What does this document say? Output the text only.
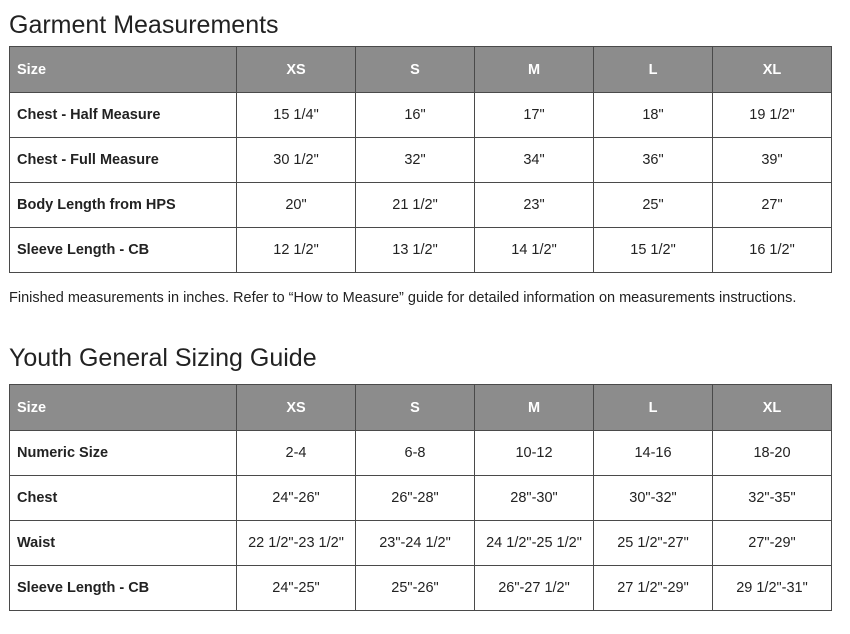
Garment Measurements
Size	XS	S	M	L	XL
Chest - Half Measure	15 1/4"	16"	17"	18"	19 1/2"
Chest - Full Measure	30 1/2"	32"	34"	36"	39"
Body Length from HPS	20"	21 1/2"	23"	25"	27"
Sleeve Length - CB	12 1/2"	13 1/2"	14 1/2"	15 1/2"	16 1/2"

Finished measurements in inches. Refer to “How to Measure” guide for detailed information on measurements instructions.

Youth General Sizing Guide
Size	XS	S	M	L	XL
Numeric Size	2-4	6-8	10-12	14-16	18-20
Chest	24"-26"	26"-28"	28"-30"	30"-32"	32"-35"
Waist	22 1/2"-23 1/2"	23"-24 1/2"	24 1/2"-25 1/2"	25 1/2"-27"	27"-29"
Sleeve Length - CB	24"-25"	25"-26"	26"-27 1/2"	27 1/2"-29"	29 1/2"-31"
